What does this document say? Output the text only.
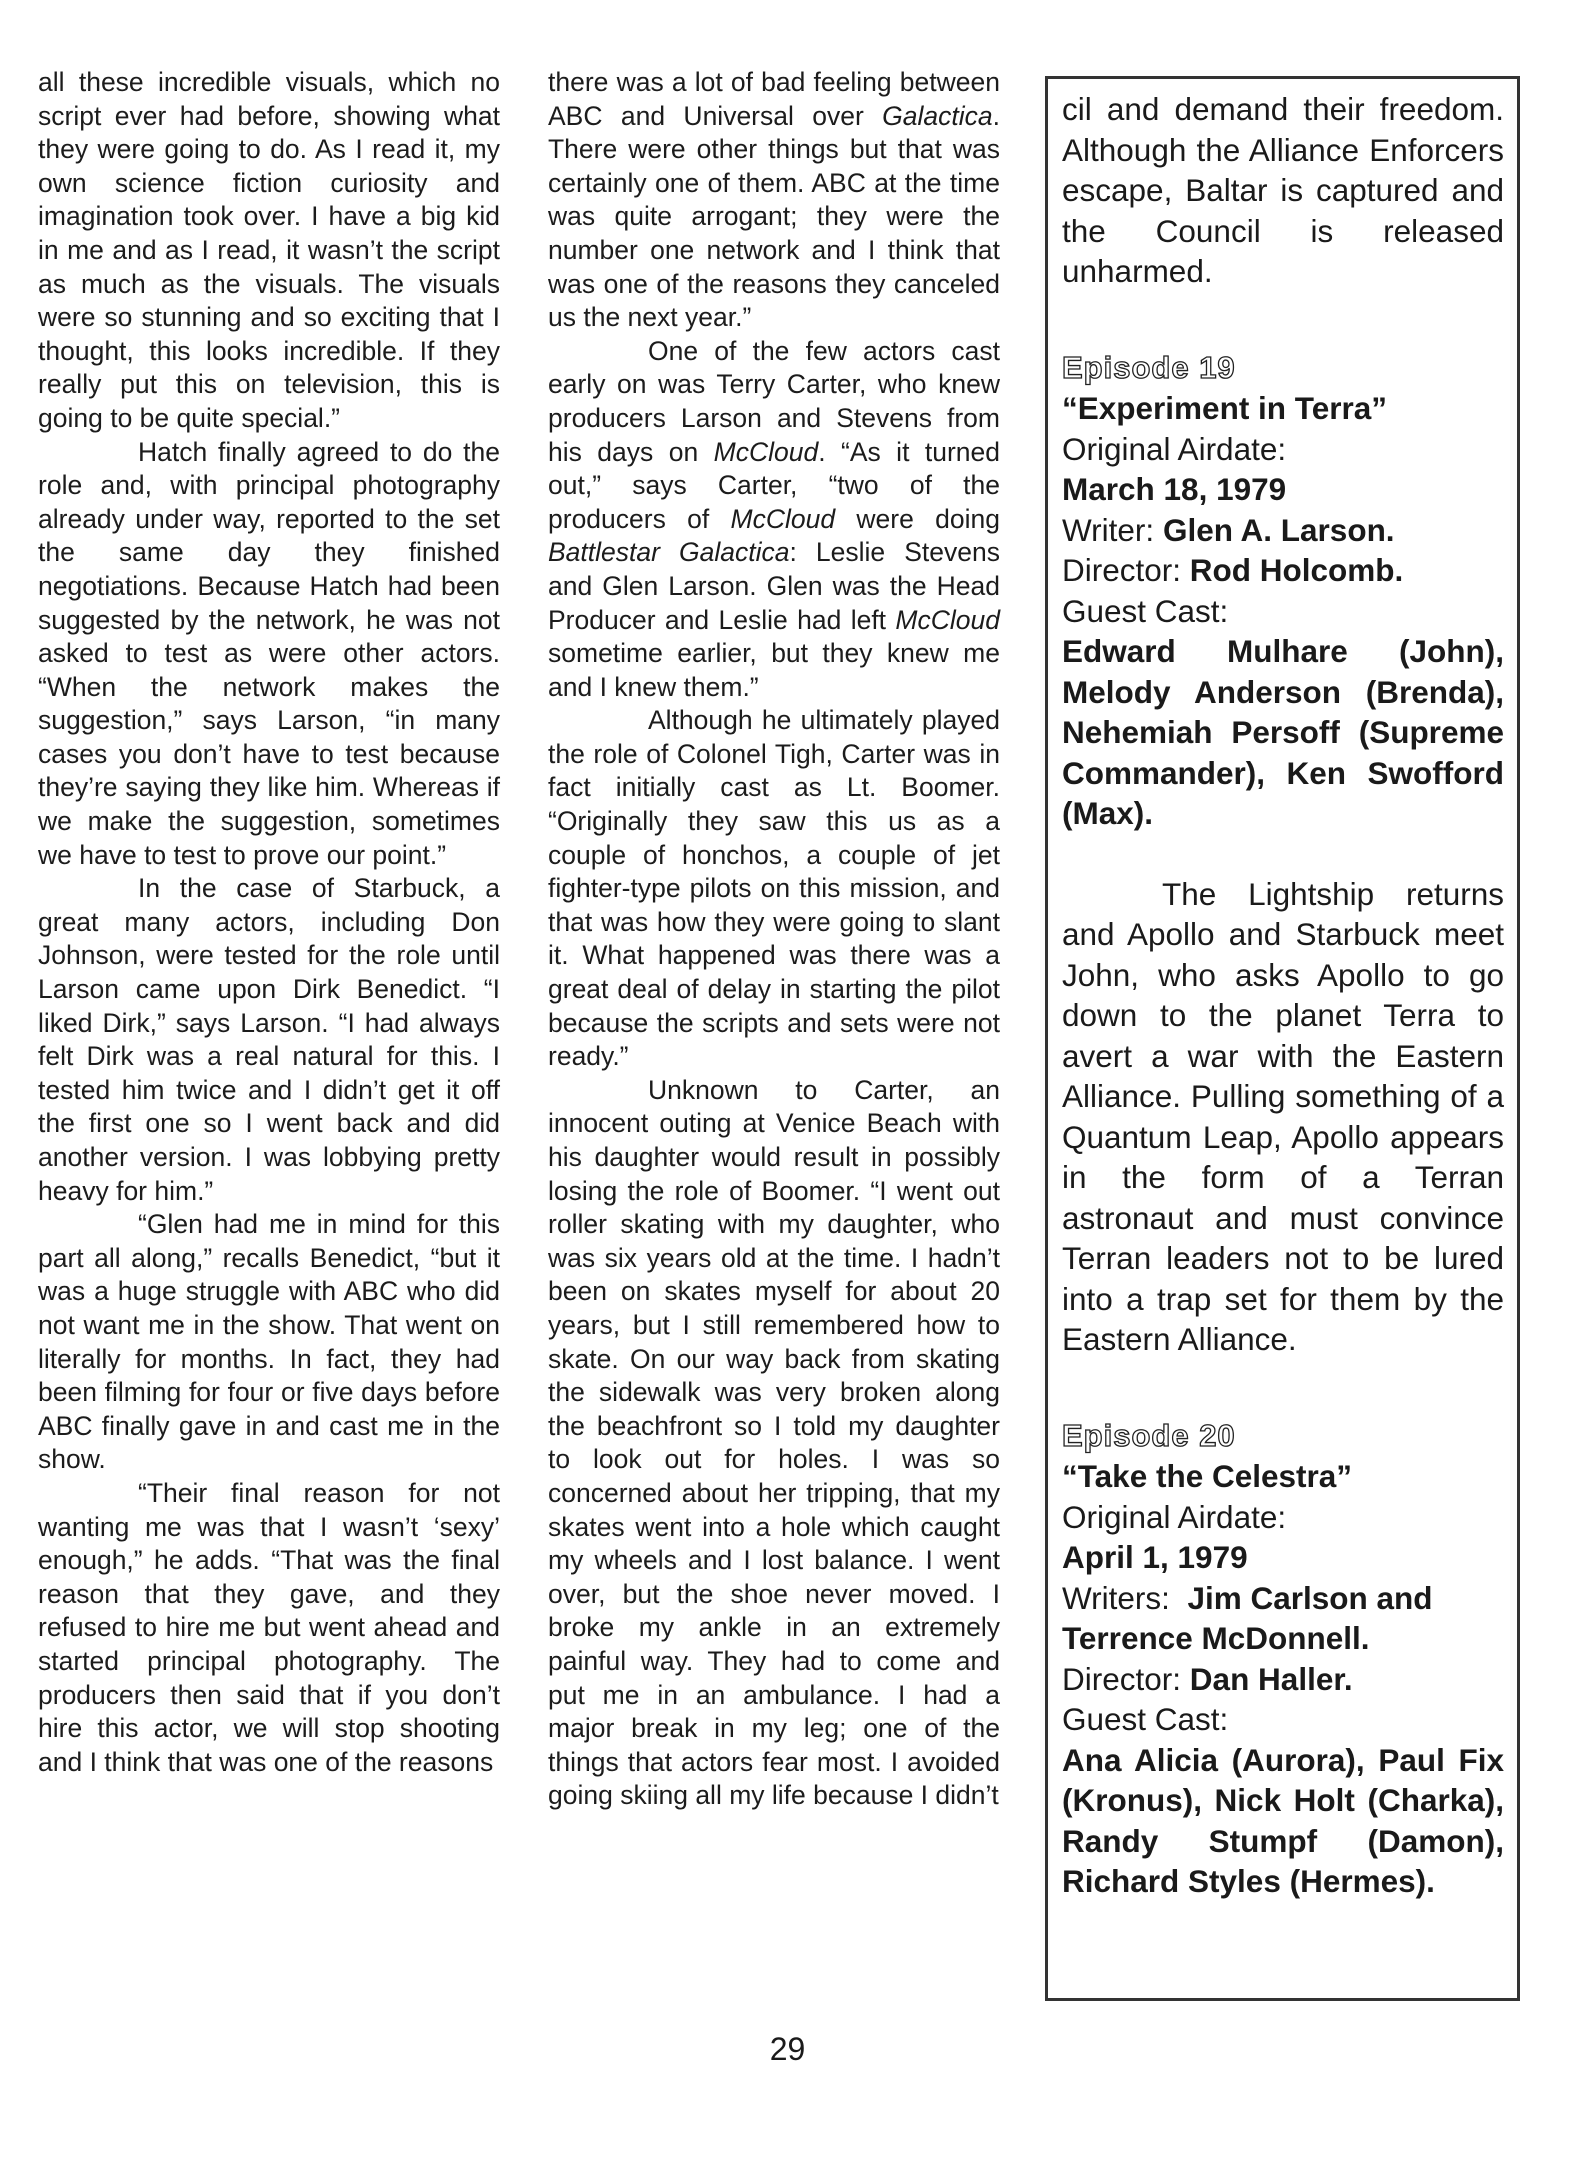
all these incredible visuals, which no script ever had before, showing what they were going to do. As I read it, my own science fiction curiosity and imagination took over. I have a big kid in me and as I read, it wasn’t the script as much as the visuals. The visuals were so stunning and so exciting that I thought, this looks incredible. If they really put this on television, this is going to be quite special.”

Hatch finally agreed to do the role and, with principal photography already under way, reported to the set the same day they finished negotiations. Because Hatch had been suggested by the network, he was not asked to test as were other actors. “When the network makes the suggestion,” says Larson, “in many cases you don’t have to test because they’re saying they like him. Whereas if we make the suggestion, sometimes we have to test to prove our point.”

In the case of Starbuck, a great many actors, including Don Johnson, were tested for the role until Larson came upon Dirk Benedict. “I liked Dirk,” says Larson. “I had always felt Dirk was a real natural for this. I tested him twice and I didn’t get it off the first one so I went back and did another version. I was lobbying pretty heavy for him.”

“Glen had me in mind for this part all along,” recalls Benedict, “but it was a huge struggle with ABC who did not want me in the show. That went on literally for months. In fact, they had been filming for four or five days before ABC finally gave in and cast me in the show.

“Their final reason for not wanting me was that I wasn’t ‘sexy’ enough,” he adds. “That was the final reason that they gave, and they refused to hire me but went ahead and started principal photography. The producers then said that if you don’t hire this actor, we will stop shooting and I think that was one of the reasons

there was a lot of bad feeling between ABC and Universal over Galactica. There were other things but that was certainly one of them. ABC at the time was quite arrogant; they were the number one network and I think that was one of the reasons they canceled us the next year.”

One of the few actors cast early on was Terry Carter, who knew producers Larson and Stevens from his days on McCloud. “As it turned out,” says Carter, “two of the producers of McCloud were doing Battlestar Galactica: Leslie Stevens and Glen Larson. Glen was the Head Producer and Leslie had left McCloud sometime earlier, but they knew me and I knew them.”

Although he ultimately played the role of Colonel Tigh, Carter was in fact initially cast as Lt. Boomer. “Originally they saw this us as a couple of honchos, a couple of jet fighter-type pilots on this mission, and that was how they were going to slant it. What happened was there was a great deal of delay in starting the pilot because the scripts and sets were not ready.”

Unknown to Carter, an innocent outing at Venice Beach with his daughter would result in possibly losing the role of Boomer. “I went out roller skating with my daughter, who was six years old at the time. I hadn’t been on skates myself for about 20 years, but I still remembered how to skate. On our way back from skating the sidewalk was very broken along the beachfront so I told my daughter to look out for holes. I was so concerned about her tripping, that my skates went into a hole which caught my wheels and I lost balance. I went over, but the shoe never moved. I broke my ankle in an extremely painful way. They had to come and put me in an ambulance. I had a major break in my leg; one of the things that actors fear most. I avoided going skiing all my life because I didn’t

cil and demand their freedom. Although the Alliance Enforcers escape, Baltar is captured and the Council is released unharmed.

Episode 19

“Experiment in Terra”

Original Airdate:

March 18, 1979

Writer: Glen A. Larson.

Director: Rod Holcomb.

Guest Cast:

Edward Mulhare (John), Melody Anderson (Brenda), Nehemiah Persoff (Supreme Commander), Ken Swofford (Max).

The Lightship returns and Apollo and Starbuck meet John, who asks Apollo to go down to the planet Terra to avert a war with the Eastern Alliance. Pulling something of a Quantum Leap, Apollo appears in the form of a Terran astronaut and must convince Terran leaders not to be lured into a trap set for them by the Eastern Alliance.

Episode 20

“Take the Celestra”

Original Airdate:

April 1, 1979

Writers: Jim Carlson and Terrence McDonnell.

Director: Dan Haller.

Guest Cast:

Ana Alicia (Aurora), Paul Fix (Kronus), Nick Holt (Charka), Randy Stumpf (Damon), Richard Styles (Hermes).

29
